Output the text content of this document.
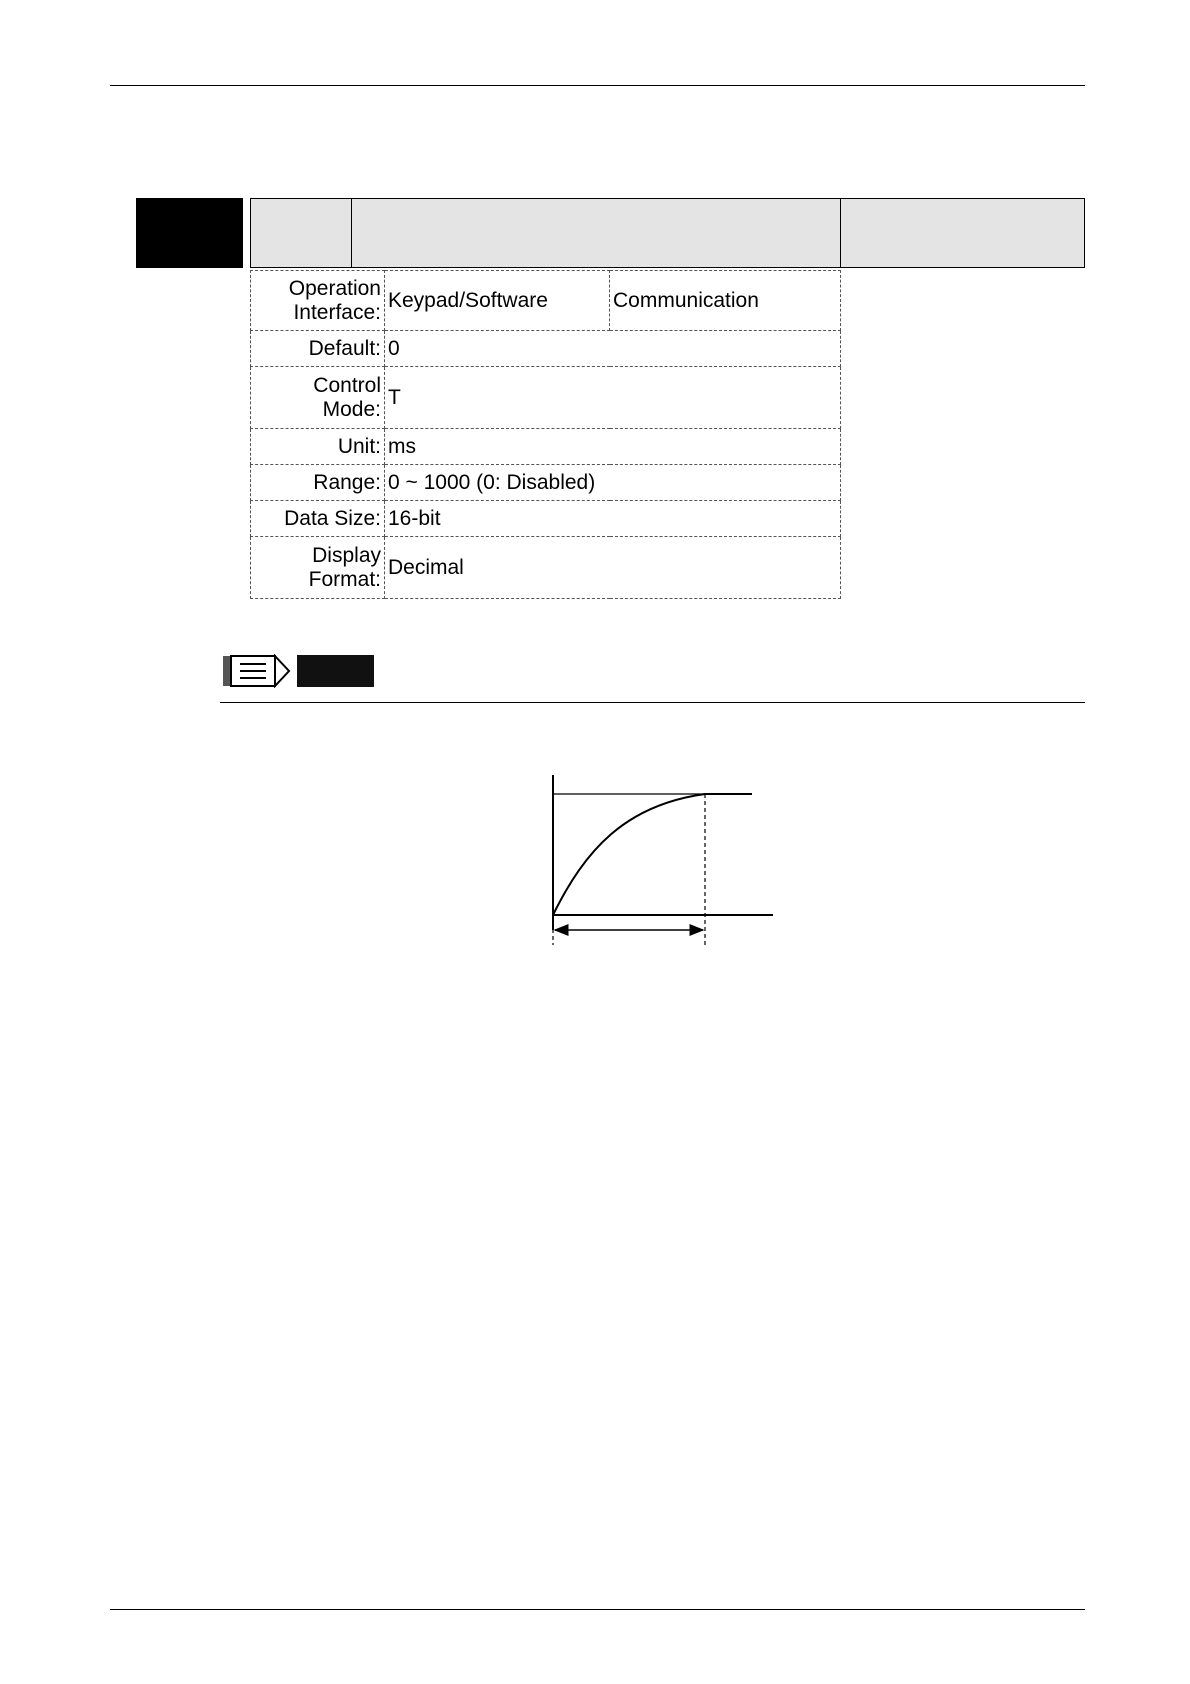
Operation
Interface:	Keypad/Software	Communication
Default:	0	
Control
Mode:	T	
Unit:	ms	
Range:	0 ~ 1000 (0: Disabled)	
Data Size:	16-bit	
Display
Format:	Decimal	
